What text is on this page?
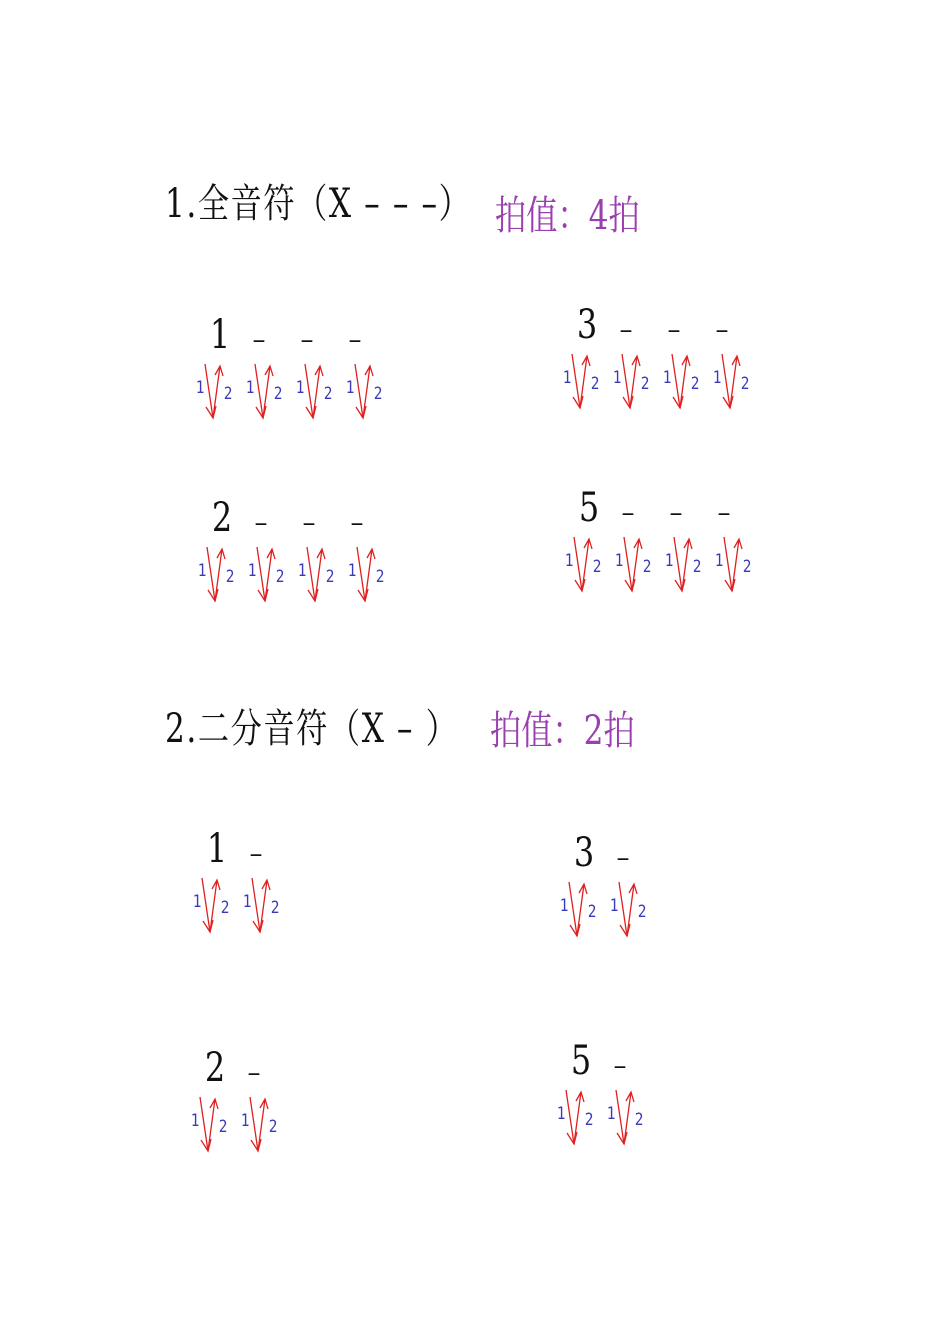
1.全音符（X – – –） 拍值：4拍
1 –	–	–
1 2 1 2 1 2 1 2
3 –	–	–
1 2 1 2 1 2 1 2
2 –	–	–
1 2 1 2 1 2 1 2
5 –	–	–
1 2 1 2 1 2 1 2
2.二分音符（X – ） 拍值：2拍
1 –
1 2 1 2
3 –
1 2 1 2
2 –
1 2 1 2
5 –
1 2 1 2
